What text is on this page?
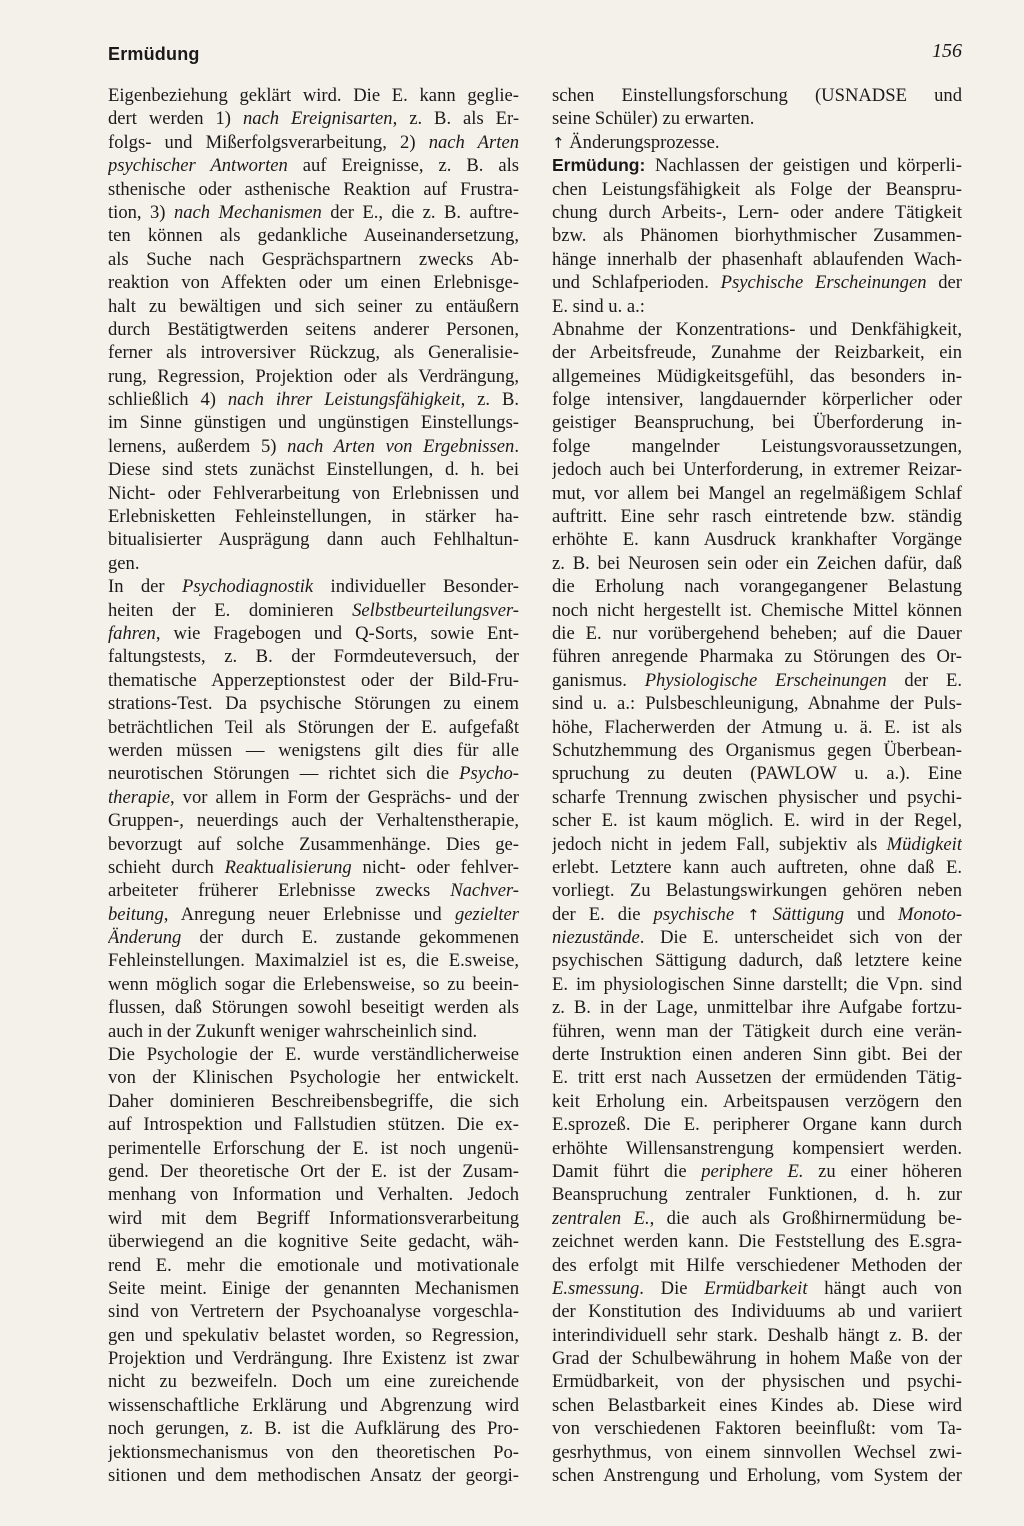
Ermüdung	156
Eigenbeziehung geklärt wird. Die E. kann geglie-
dert werden 1) nach Ereignisarten, z. B. als Er-
folgs- und Mißerfolgsverarbeitung, 2) nach Arten
psychischer Antworten auf Ereignisse, z. B. als
sthenische oder asthenische Reaktion auf Frustra-
tion, 3) nach Mechanismen der E., die z. B. auftre-
ten können als gedankliche Auseinandersetzung,
als Suche nach Gesprächspartnern zwecks Ab-
reaktion von Affekten oder um einen Erlebnisge-
halt zu bewältigen und sich seiner zu entäußern
durch Bestätigtwerden seitens anderer Personen,
ferner als introversiver Rückzug, als Generalisie-
rung, Regression, Projektion oder als Verdrängung,
schließlich 4) nach ihrer Leistungsfähigkeit, z. B.
im Sinne günstigen und ungünstigen Einstellungs-
lernens, außerdem 5) nach Arten von Ergebnissen.
Diese sind stets zunächst Einstellungen, d. h. bei
Nicht- oder Fehlverarbeitung von Erlebnissen und
Erlebnisketten Fehleinstellungen, in stärker ha-
bitualisierter Ausprägung dann auch Fehlhaltun-
gen.
In der Psychodiagnostik individueller Besonder-
heiten der E. dominieren Selbstbeurteilungsver-
fahren, wie Fragebogen und Q-Sorts, sowie Ent-
faltungstests, z. B. der Formdeuteversuch, der
thematische Apperzeptionstest oder der Bild-Fru-
strations-Test. Da psychische Störungen zu einem
beträchtlichen Teil als Störungen der E. aufgefaßt
werden müssen — wenigstens gilt dies für alle
neurotischen Störungen — richtet sich die Psycho-
therapie, vor allem in Form der Gesprächs- und der
Gruppen-, neuerdings auch der Verhaltenstherapie,
bevorzugt auf solche Zusammenhänge. Dies ge-
schieht durch Reaktualisierung nicht- oder fehlver-
arbeiteter früherer Erlebnisse zwecks Nachver-
beitung, Anregung neuer Erlebnisse und gezielter
Änderung der durch E. zustande gekommenen
Fehleinstellungen. Maximalziel ist es, die E.sweise,
wenn möglich sogar die Erlebensweise, so zu beein-
flussen, daß Störungen sowohl beseitigt werden als
auch in der Zukunft weniger wahrscheinlich sind.
Die Psychologie der E. wurde verständlicherweise
von der Klinischen Psychologie her entwickelt.
Daher dominieren Beschreibensbegriffe, die sich
auf Introspektion und Fallstudien stützen. Die ex-
perimentelle Erforschung der E. ist noch ungenü-
gend. Der theoretische Ort der E. ist der Zusam-
menhang von Information und Verhalten. Jedoch
wird mit dem Begriff Informationsverarbeitung
überwiegend an die kognitive Seite gedacht, wäh-
rend E. mehr die emotionale und motivationale
Seite meint. Einige der genannten Mechanismen
sind von Vertretern der Psychoanalyse vorgeschla-
gen und spekulativ belastet worden, so Regression,
Projektion und Verdrängung. Ihre Existenz ist zwar
nicht zu bezweifeln. Doch um eine zureichende
wissenschaftliche Erklärung und Abgrenzung wird
noch gerungen, z. B. ist die Aufklärung des Pro-
jektionsmechanismus von den theoretischen Po-
sitionen und dem methodischen Ansatz der georgi-
schen Einstellungsforschung (USNADSE und
seine Schüler) zu erwarten.
↑ Änderungsprozesse.
Ermüdung: Nachlassen der geistigen und körperli-
chen Leistungsfähigkeit als Folge der Beanspru-
chung durch Arbeits-, Lern- oder andere Tätigkeit
bzw. als Phänomen biorhythmischer Zusammen-
hänge innerhalb der phasenhaft ablaufenden Wach-
und Schlafperioden. Psychische Erscheinungen der
E. sind u. a.:
Abnahme der Konzentrations- und Denkfähigkeit,
der Arbeitsfreude, Zunahme der Reizbarkeit, ein
allgemeines Müdigkeitsgefühl, das besonders in-
folge intensiver, langdauernder körperlicher oder
geistiger Beanspruchung, bei Überforderung in-
folge mangelnder Leistungsvoraussetzungen,
jedoch auch bei Unterforderung, in extremer Reizar-
mut, vor allem bei Mangel an regelmäßigem Schlaf
auftritt. Eine sehr rasch eintretende bzw. ständig
erhöhte E. kann Ausdruck krankhafter Vorgänge
z. B. bei Neurosen sein oder ein Zeichen dafür, daß
die Erholung nach vorangegangener Belastung
noch nicht hergestellt ist. Chemische Mittel können
die E. nur vorübergehend beheben; auf die Dauer
führen anregende Pharmaka zu Störungen des Or-
ganismus. Physiologische Erscheinungen der E.
sind u. a.: Pulsbeschleunigung, Abnahme der Puls-
höhe, Flacherwerden der Atmung u. ä. E. ist als
Schutzhemmung des Organismus gegen Überbean-
spruchung zu deuten (PAWLOW u. a.). Eine
scharfe Trennung zwischen physischer und psychi-
scher E. ist kaum möglich. E. wird in der Regel,
jedoch nicht in jedem Fall, subjektiv als Müdigkeit
erlebt. Letztere kann auch auftreten, ohne daß E.
vorliegt. Zu Belastungswirkungen gehören neben
der E. die psychische ↑ Sättigung und Monoto-
niezustände. Die E. unterscheidet sich von der
psychischen Sättigung dadurch, daß letztere keine
E. im physiologischen Sinne darstellt; die Vpn. sind
z. B. in der Lage, unmittelbar ihre Aufgabe fortzu-
führen, wenn man der Tätigkeit durch eine verän-
derte Instruktion einen anderen Sinn gibt. Bei der
E. tritt erst nach Aussetzen der ermüdenden Tätig-
keit Erholung ein. Arbeitspausen verzögern den
E.sprozeß. Die E. peripherer Organe kann durch
erhöhte Willensanstrengung kompensiert werden.
Damit führt die periphere E. zu einer höheren
Beanspruchung zentraler Funktionen, d. h. zur
zentralen E., die auch als Großhirnermüdung be-
zeichnet werden kann. Die Feststellung des E.sgra-
des erfolgt mit Hilfe verschiedener Methoden der
E.smessung. Die Ermüdbarkeit hängt auch von
der Konstitution des Individuums ab und variiert
interindividuell sehr stark. Deshalb hängt z. B. der
Grad der Schulbewährung in hohem Maße von der
Ermüdbarkeit, von der physischen und psychi-
schen Belastbarkeit eines Kindes ab. Diese wird
von verschiedenen Faktoren beeinflußt: vom Ta-
gesrhythmus, von einem sinnvollen Wechsel zwi-
schen Anstrengung und Erholung, vom System der
